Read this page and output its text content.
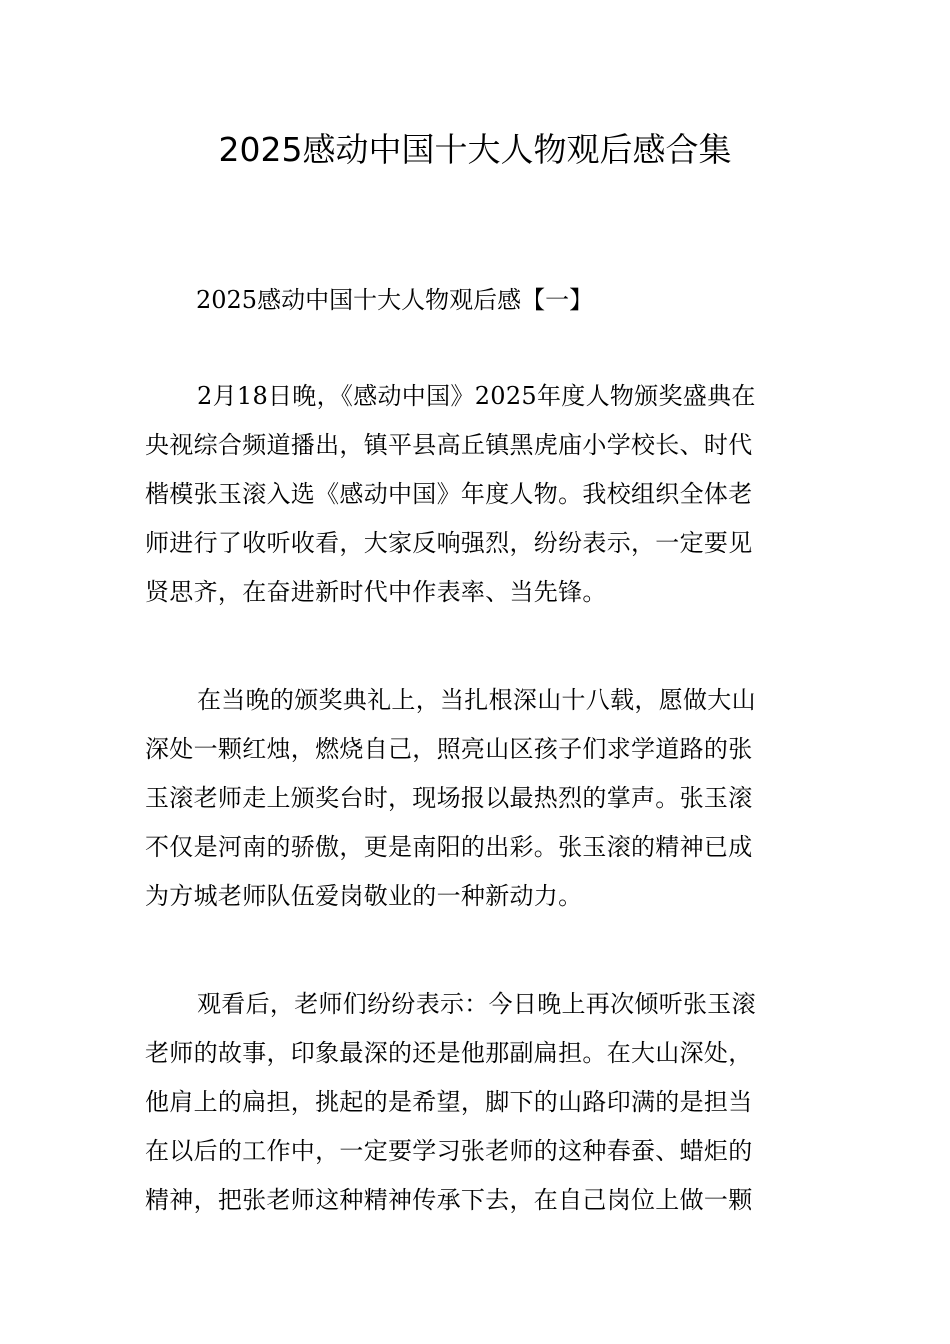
2025感动中国十大人物观后感合集

2025感动中国十大人物观后感【一】

2月18日晚，《感动中国》2025年度人物颁奖盛典在
央视综合频道播出，镇平县高丘镇黑虎庙小学校长、时代
楷模张玉滚入选《感动中国》年度人物。我校组织全体老
师进行了收听收看，大家反响强烈，纷纷表示，一定要见
贤思齐，在奋进新时代中作表率、当先锋。
在当晚的颁奖典礼上，当扎根深山十八载，愿做大山
深处一颗红烛，燃烧自己，照亮山区孩子们求学道路的张
玉滚老师走上颁奖台时，现场报以最热烈的掌声。张玉滚
不仅是河南的骄傲，更是南阳的出彩。张玉滚的精神已成
为方城老师队伍爱岗敬业的一种新动力。
观看后，老师们纷纷表示：今日晚上再次倾听张玉滚
老师的故事，印象最深的还是他那副扁担。在大山深处，
他肩上的扁担，挑起的是希望，脚下的山路印满的是担当
在以后的工作中，一定要学习张老师的这种春蚕、蜡炬的
精神，把张老师这种精神传承下去，在自己岗位上做一颗
